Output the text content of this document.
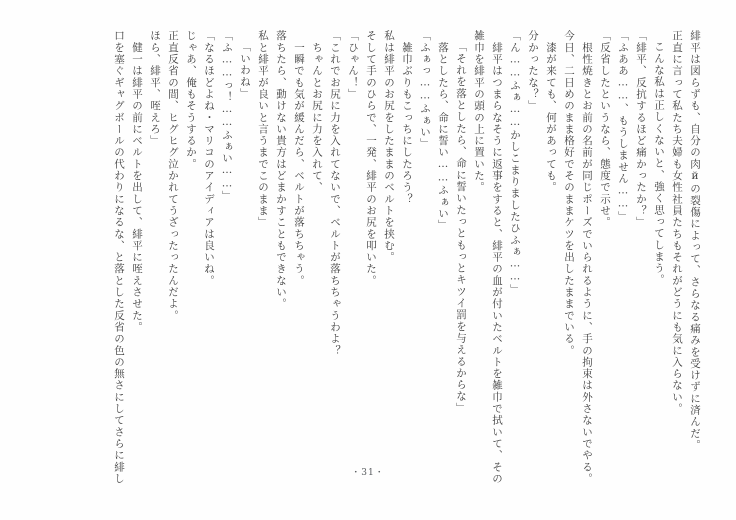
緋平は図らずも、自分の肉йの裂傷によって、さらなる痛みを受けずに済んだ。
正直に言って私たち夫婦も女性社員たちもそれがどうにも気に入らない。
こんな私は正しくないと、強く思ってしまう。
「緋平、反抗するほど痛かったか？」
「ふああ……、もうしません……」
「反省したというなら、態度で示せ。
　根性焼きとお前の名前が同じポーズでいられるように、手の拘束は外さないでやる。
今日、二日めのまま格好でそのままケツを出したままでいる。
　漆が来ても、何があっても。
分かったな？」
「ん……ふぁ……かしこまりましたひふぁ……」
　緋平はつまらなそうに返事をすると、緋平の血が付いたベルトを雑巾で拭いて、その
雑巾を緋平の頭の上に置いた。
「それを落としたら、命に誓いたっともっとキツイ罰を与えるからな」
　落としたら、命に誓い……ふぁい」
「ふぁっ……ふぁい」
　雑巾ぶりもこっちにしたろう？
私は緋平のお尻をしたままのベルトを挟む。
そして手のひらで、一発、緋平のお尻を叩いた。
「ひゃん！」
「これでお尻に力を入れてないで、ベルトが落ちちゃうわよ？
　ちゃんとお尻に力を入れて、
　一瞬でも気が緩んだら、ベルトが落ちちゃう。
落ちたら、動けない貴方はどまかすこともできない。
私と緋平が良いと言うまでこのまま」
「いわね」
「ふ……っ！……ふぁい……」
「なるほどよね・マリコのアイディアは良いね。
じゃあ、俺もそうするか。
正直反省の間、ヒグヒグ泣かれてうざったったんだよ。
ほら、緋平、咥えろ」
　健一は緋平の前にベルトを出して、緋平に咥えさせた。
口を塞ぐギャグボールの代わりになるな、と落とした反省の色の無さにしてさらに緋し	・31・
